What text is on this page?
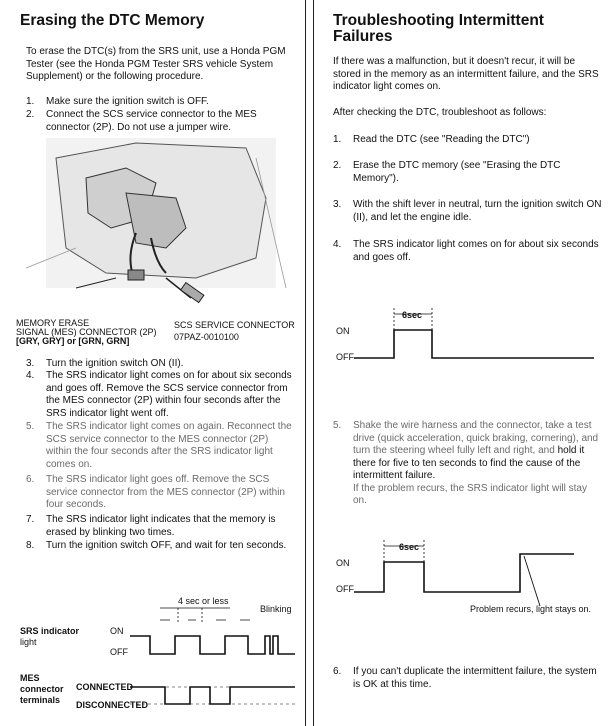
Erasing the DTC Memory

To erase the DTC(s) from the SRS unit, use a Honda PGM Tester (see the Honda PGM Tester SRS vehicle System Supplement) or the following procedure.

1.	Make sure the ignition switch is OFF.
2.	Connect the SCS service connector to the MES connector (2P). Do not use a jumper wire.
MEMORY ERASE
SIGNAL (MES) CONNECTOR (2P)
[GRY, GRY] or [GRN, GRN]
SCS SERVICE CONNECTOR
07PAZ-0010100
3.	Turn the ignition switch ON (II).
4.	The SRS indicator light comes on for about six seconds and goes off. Remove the SCS service connector from the MES connector (2P) within four seconds after the SRS indicator light went off.
5.	The SRS indicator light comes on again. Reconnect the SCS service connector to the MES connector (2P) within the four seconds after the SRS indicator light comes on.
6.	The SRS indicator light goes off. Remove the SCS service connector from the MES connector (2P) within four seconds.
7.	The SRS indicator light indicates that the memory is erased by blinking two times.
8.	Turn the ignition switch OFF, and wait for ten seconds.
4 sec or less
Blinking
SRS indicator
light
ON
OFF
MES
connector
terminals
CONNECTED
DISCONNECTED
Troubleshooting Intermittent
Failures

If there was a malfunction, but it doesn't recur, it will be stored in the memory as an intermittent failure, and the SRS indicator light comes on.

After checking the DTC, troubleshoot as follows:

1.	Read the DTC (see "Reading the DTC")
2.	Erase the DTC memory (see "Erasing the DTC Memory").
3.	With the shift lever in neutral, turn the ignition switch ON (II), and let the engine idle.
4.	The SRS indicator light comes on for about six seconds and goes off.
ON
OFF
6sec
5.	Shake the wire harness and the connector, take a test drive (quick acceleration, quick braking, cornering), and turn the steering wheel fully left and right, and hold it there for five to ten seconds to find the cause of the intermittent failure.
If the problem recurs, the SRS indicator light will stay on.
ON
OFF
6sec
Problem recurs, light stays on.
6.	If you can't duplicate the intermittent failure, the system is OK at this time.
